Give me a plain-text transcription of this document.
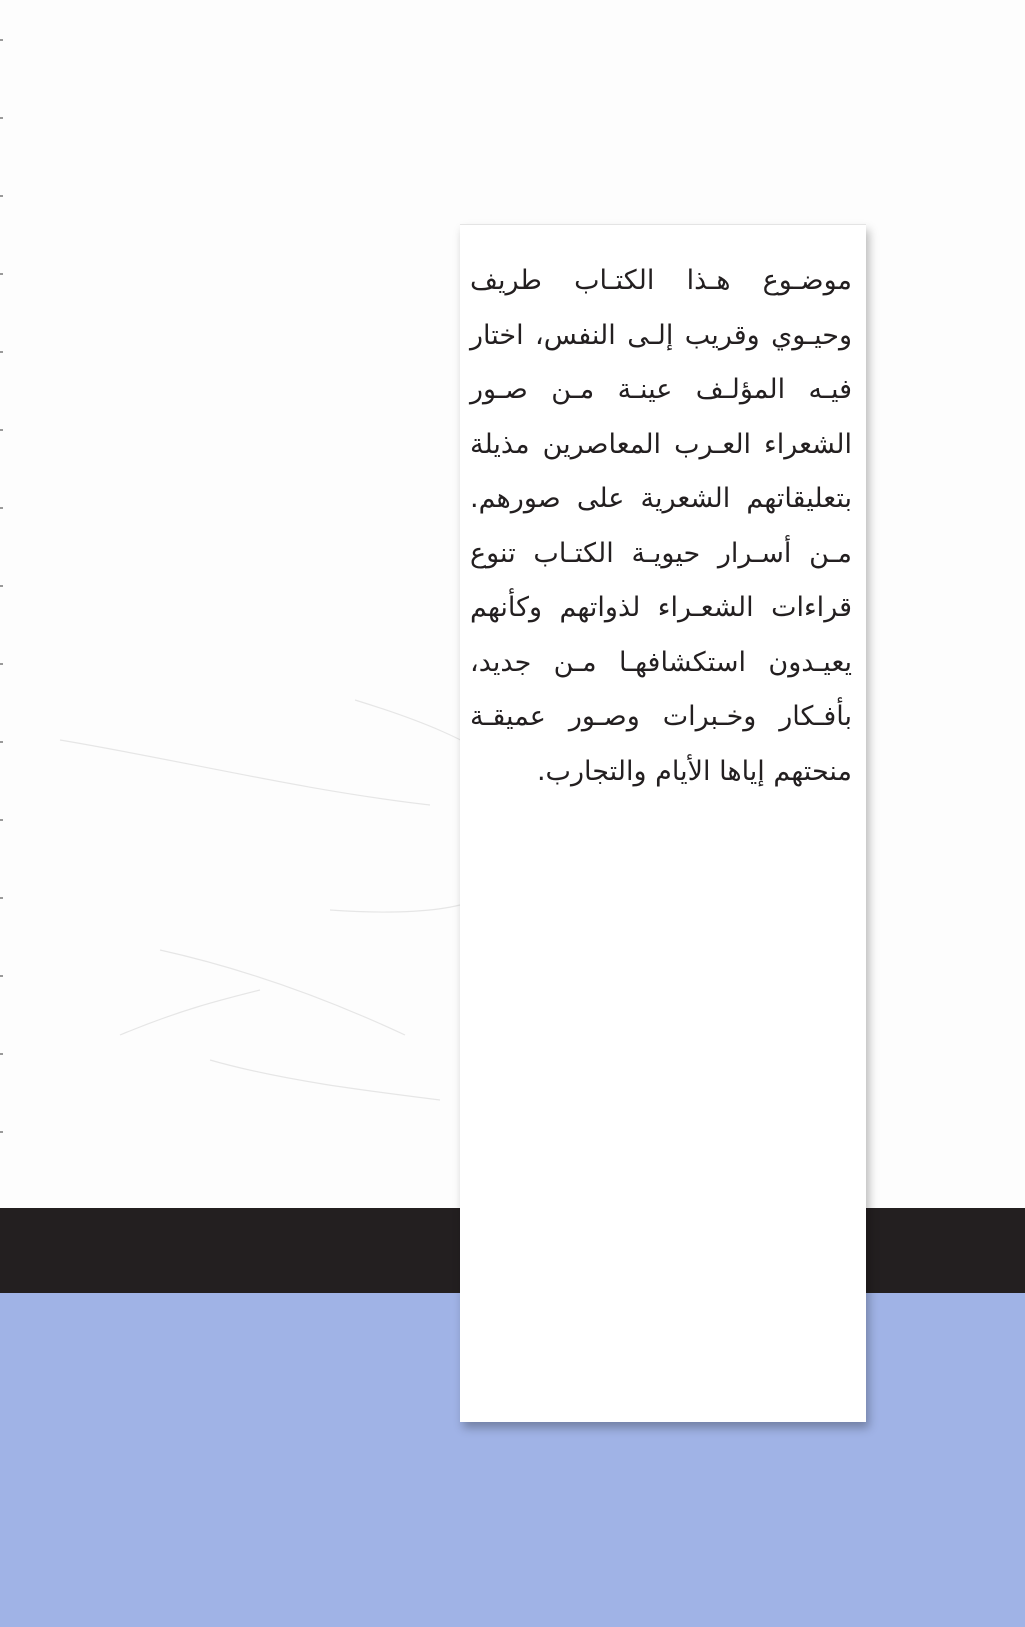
موضـوع هـذا الكتـاب طريف
وحيـوي وقريب إلـى النفس، اختار
فيـه المؤلـف عينـة مـن صـور
الشعراء العـرب المعاصرين مذيلة
بتعليقاتهم الشعرية على صورهم.
مـن أسـرار حيويـة الكتـاب تنوع
قراءات الشعـراء لذواتهم وكأنهم
يعيـدون استكشافهـا مـن جديد،
بأفـكار وخـبرات وصـور عميقـة
منحتهم إياها الأيام والتجارب.
